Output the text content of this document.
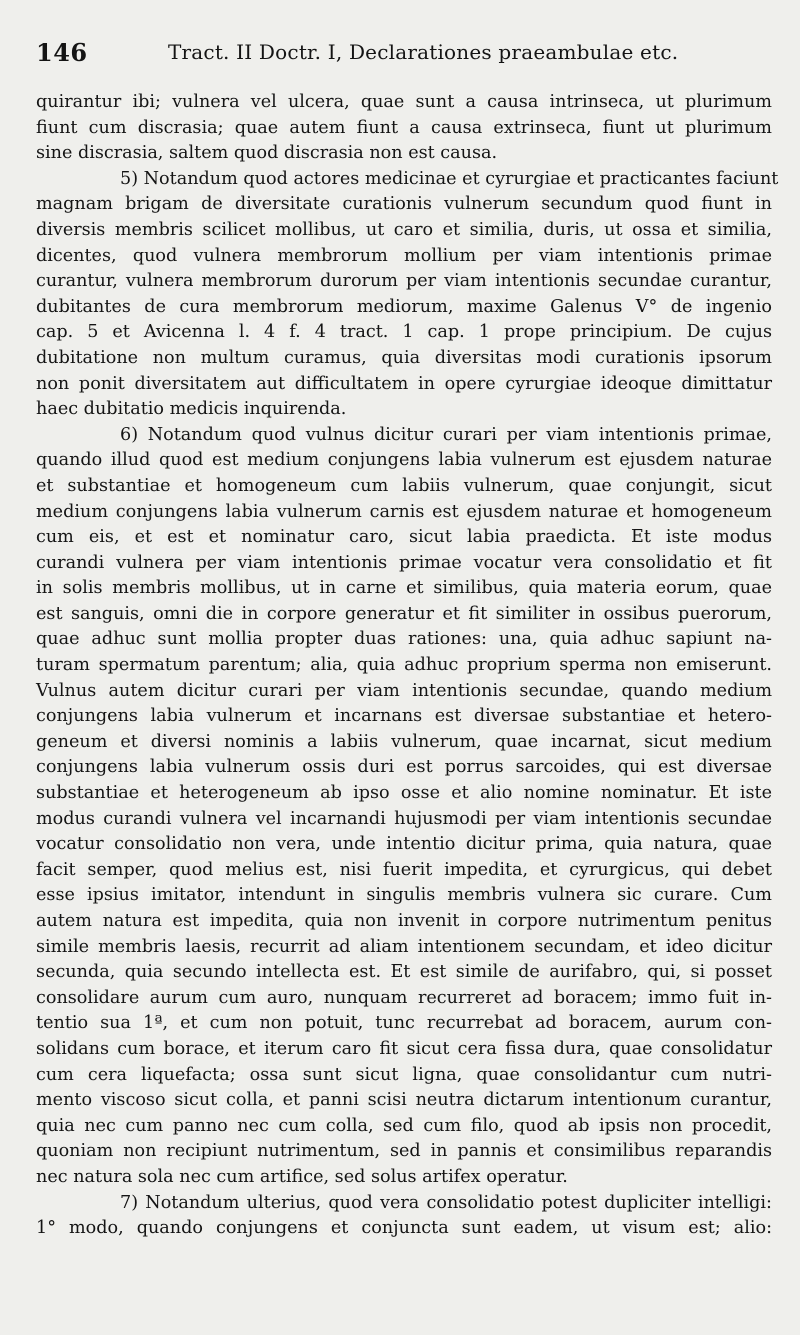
146	Tract. II Doctr. I, Declarationes praeambulae etc.
quirantur ibi; vulnera vel ulcera, quae sunt a causa intrinseca, ut plurimum
fiunt cum discrasia; quae autem fiunt a causa extrinseca, fiunt ut plurimum
sine discrasia, saltem quod discrasia non est causa.
5) Notandum quod actores medicinae et cyrurgiae et practicantes faciunt
magnam brigam de diversitate curationis vulnerum secundum quod fiunt in
diversis membris scilicet mollibus, ut caro et similia, duris, ut ossa et similia,
dicentes, quod vulnera membrorum mollium per viam intentionis primae
curantur, vulnera membrorum durorum per viam intentionis secundae curantur,
dubitantes de cura membrorum mediorum, maxime Galenus V° de ingenio
cap. 5 et Avicenna l. 4 f. 4 tract. 1 cap. 1 prope principium. De cujus
dubitatione non multum curamus, quia diversitas modi curationis ipsorum
non ponit diversitatem aut difficultatem in opere cyrurgiae ideoque dimittatur
haec dubitatio medicis inquirenda.
6) Notandum quod vulnus dicitur curari per viam intentionis primae,
quando illud quod est medium conjungens labia vulnerum est ejusdem naturae
et substantiae et homogeneum cum labiis vulnerum, quae conjungit, sicut
medium conjungens labia vulnerum carnis est ejusdem naturae et homogeneum
cum eis, et est et nominatur caro, sicut labia praedicta. Et iste modus
curandi vulnera per viam intentionis primae vocatur vera consolidatio et fit
in solis membris mollibus, ut in carne et similibus, quia materia eorum, quae
est sanguis, omni die in corpore generatur et fit similiter in ossibus puerorum,
quae adhuc sunt mollia propter duas rationes: una, quia adhuc sapiunt na-
turam spermatum parentum; alia, quia adhuc proprium sperma non emiserunt.
Vulnus autem dicitur curari per viam intentionis secundae, quando medium
conjungens labia vulnerum et incarnans est diversae substantiae et hetero-
geneum et diversi nominis a labiis vulnerum, quae incarnat, sicut medium
conjungens labia vulnerum ossis duri est porrus sarcoides, qui est diversae
substantiae et heterogeneum ab ipso osse et alio nomine nominatur. Et iste
modus curandi vulnera vel incarnandi hujusmodi per viam intentionis secundae
vocatur consolidatio non vera, unde intentio dicitur prima, quia natura, quae
facit semper, quod melius est, nisi fuerit impedita, et cyrurgicus, qui debet
esse ipsius imitator, intendunt in singulis membris vulnera sic curare. Cum
autem natura est impedita, quia non invenit in corpore nutrimentum penitus
simile membris laesis, recurrit ad aliam intentionem secundam, et ideo dicitur
secunda, quia secundo intellecta est. Et est simile de aurifabro, qui, si posset
consolidare aurum cum auro, nunquam recurreret ad boracem; immo fuit in-
tentio sua 1ª, et cum non potuit, tunc recurrebat ad boracem, aurum con-
solidans cum borace, et iterum caro fit sicut cera fissa dura, quae consolidatur
cum cera liquefacta; ossa sunt sicut ligna, quae consolidantur cum nutri-
mento viscoso sicut colla, et panni scisi neutra dictarum intentionum curantur,
quia nec cum panno nec cum colla, sed cum filo, quod ab ipsis non procedit,
quoniam non recipiunt nutrimentum, sed in pannis et consimilibus reparandis
nec natura sola nec cum artifice, sed solus artifex operatur.
7) Notandum ulterius, quod vera consolidatio potest dupliciter intelligi:
1° modo, quando conjungens et conjuncta sunt eadem, ut visum est; alio:
